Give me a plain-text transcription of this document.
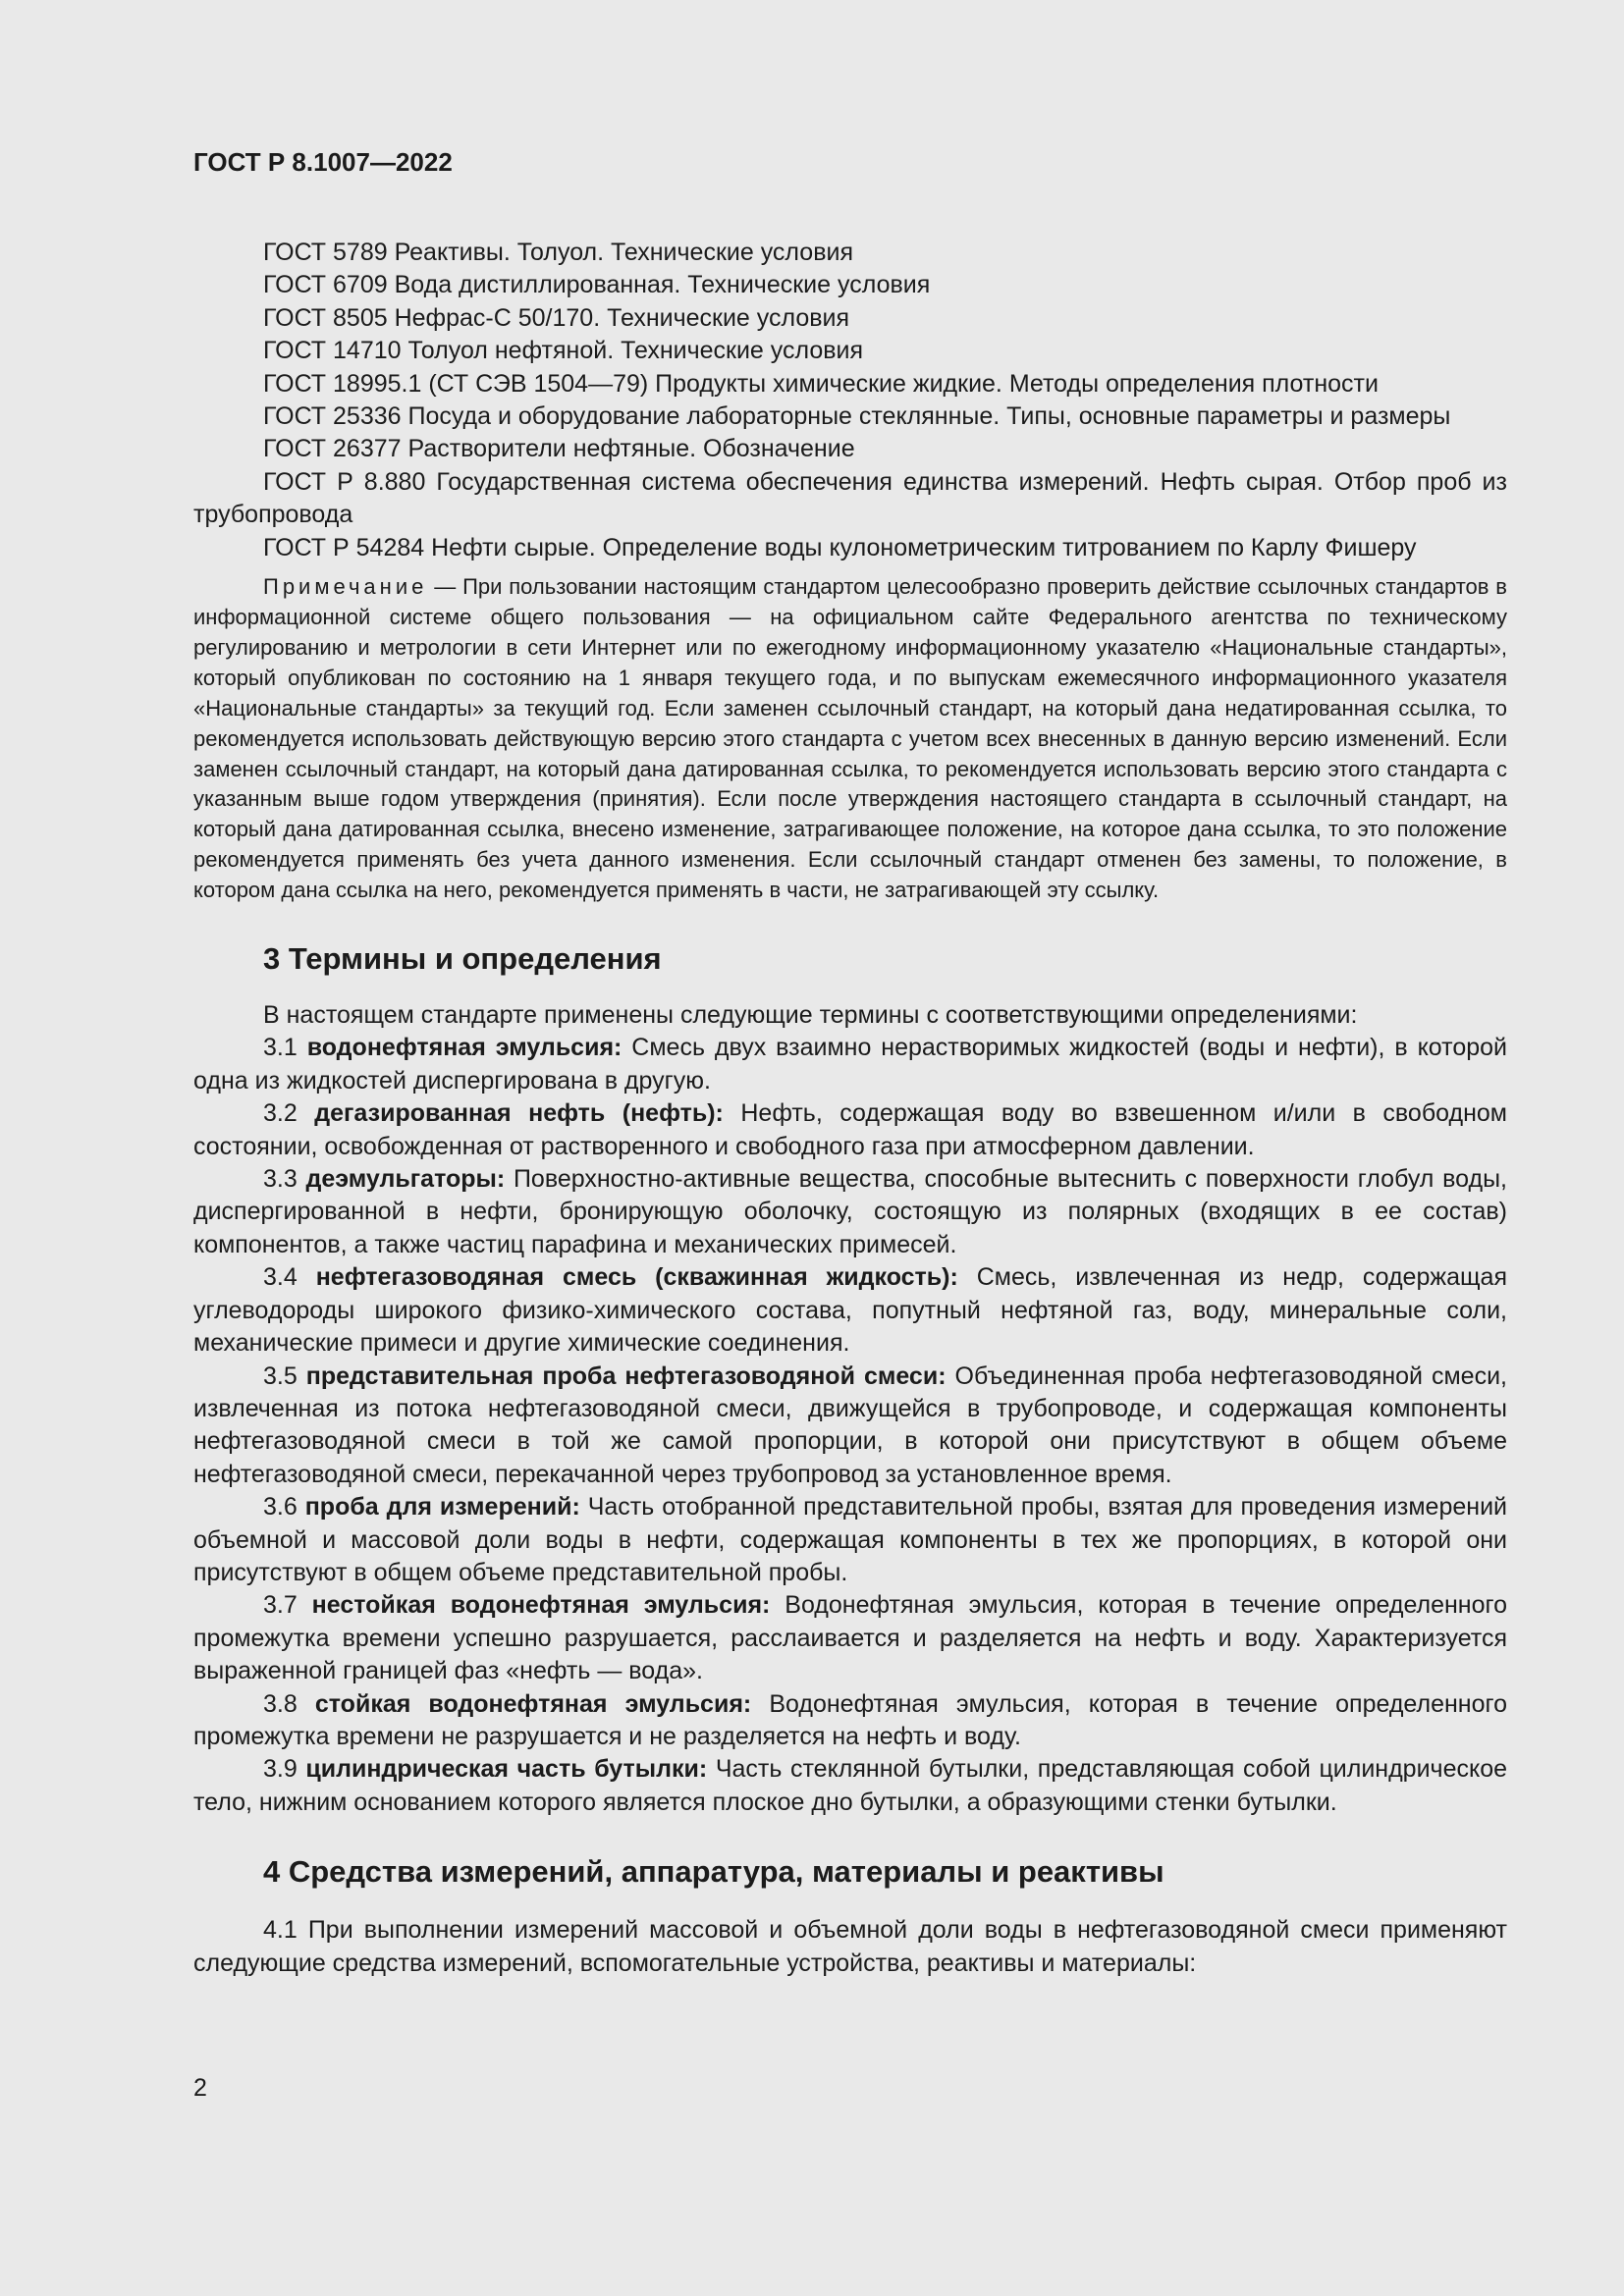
ГОСТ Р 8.1007—2022

ГОСТ 5789 Реактивы. Толуол. Технические условия

ГОСТ 6709 Вода дистиллированная. Технические условия

ГОСТ 8505 Нефрас-С 50/170. Технические условия

ГОСТ 14710 Толуол нефтяной. Технические условия

ГОСТ 18995.1 (СТ СЭВ 1504—79) Продукты химические жидкие. Методы определения плотности

ГОСТ 25336 Посуда и оборудование лабораторные стеклянные. Типы, основные параметры и размеры

ГОСТ 26377 Растворители нефтяные. Обозначение

ГОСТ Р 8.880 Государственная система обеспечения единства измерений. Нефть сырая. Отбор проб из трубопровода

ГОСТ Р 54284 Нефти сырые. Определение воды кулонометрическим титрованием по Карлу Фишеру

Примечание — При пользовании настоящим стандартом целесообразно проверить действие ссылочных стандартов в информационной системе общего пользования — на официальном сайте Федерального агентства по техническому регулированию и метрологии в сети Интернет или по ежегодному информационному указателю «Национальные стандарты», который опубликован по состоянию на 1 января текущего года, и по выпускам ежемесячного информационного указателя «Национальные стандарты» за текущий год. Если заменен ссылочный стандарт, на который дана недатированная ссылка, то рекомендуется использовать действующую версию этого стандарта с учетом всех внесенных в данную версию изменений. Если заменен ссылочный стандарт, на который дана датированная ссылка, то рекомендуется использовать версию этого стандарта с указанным выше годом утверждения (принятия). Если после утверждения настоящего стандарта в ссылочный стандарт, на который дана датированная ссылка, внесено изменение, затрагивающее положение, на которое дана ссылка, то это положение рекомендуется применять без учета данного изменения. Если ссылочный стандарт отменен без замены, то положение, в котором дана ссылка на него, рекомендуется применять в части, не затрагивающей эту ссылку.

3 Термины и определения

В настоящем стандарте применены следующие термины с соответствующими определениями:

3.1 водонефтяная эмульсия: Смесь двух взаимно нерастворимых жидкостей (воды и нефти), в которой одна из жидкостей диспергирована в другую.

3.2 дегазированная нефть (нефть): Нефть, содержащая воду во взвешенном и/или в свободном состоянии, освобожденная от растворенного и свободного газа при атмосферном давлении.

3.3 деэмульгаторы: Поверхностно-активные вещества, способные вытеснить с поверхности глобул воды, диспергированной в нефти, бронирующую оболочку, состоящую из полярных (входящих в ее состав) компонентов, а также частиц парафина и механических примесей.

3.4 нефтегазоводяная смесь (скважинная жидкость): Смесь, извлеченная из недр, содержащая углеводороды широкого физико-химического состава, попутный нефтяной газ, воду, минеральные соли, механические примеси и другие химические соединения.

3.5 представительная проба нефтегазоводяной смеси: Объединенная проба нефтегазоводяной смеси, извлеченная из потока нефтегазоводяной смеси, движущейся в трубопроводе, и содержащая компоненты нефтегазоводяной смеси в той же самой пропорции, в которой они присутствуют в общем объеме нефтегазоводяной смеси, перекачанной через трубопровод за установленное время.

3.6 проба для измерений: Часть отобранной представительной пробы, взятая для проведения измерений объемной и массовой доли воды в нефти, содержащая компоненты в тех же пропорциях, в которой они присутствуют в общем объеме представительной пробы.

3.7 нестойкая водонефтяная эмульсия: Водонефтяная эмульсия, которая в течение определенного промежутка времени успешно разрушается, расслаивается и разделяется на нефть и воду. Характеризуется выраженной границей фаз «нефть — вода».

3.8 стойкая водонефтяная эмульсия: Водонефтяная эмульсия, которая в течение определенного промежутка времени не разрушается и не разделяется на нефть и воду.

3.9 цилиндрическая часть бутылки: Часть стеклянной бутылки, представляющая собой цилиндрическое тело, нижним основанием которого является плоское дно бутылки, а образующими стенки бутылки.

4 Средства измерений, аппаратура, материалы и реактивы

4.1 При выполнении измерений массовой и объемной доли воды в нефтегазоводяной смеси применяют следующие средства измерений, вспомогательные устройства, реактивы и материалы:

2
